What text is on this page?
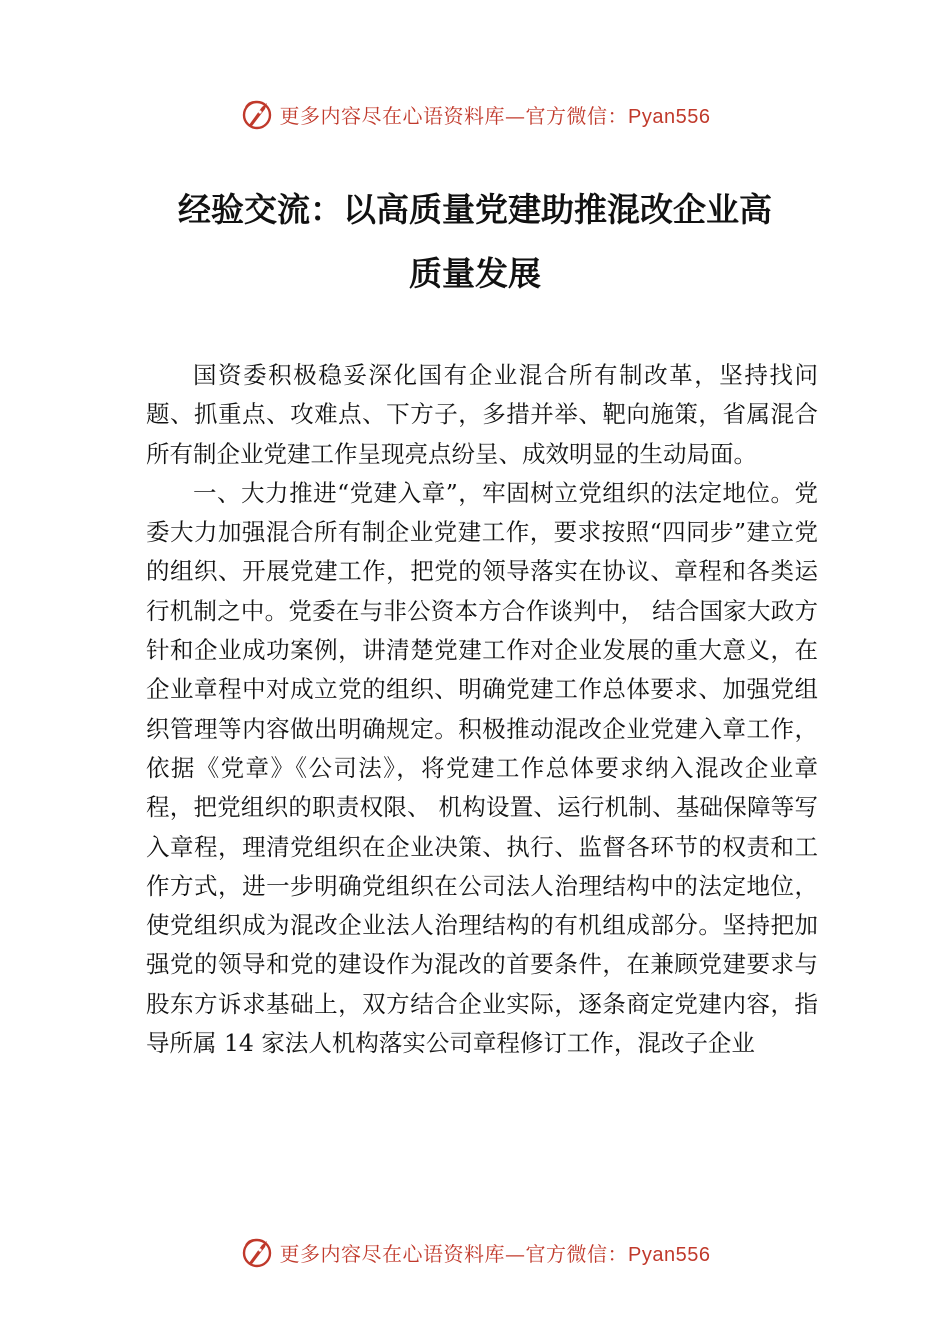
更多内容尽在心语资料库—官方微信：Pyan556
经验交流：以高质量党建助推混改企业高
质量发展

国资委积极稳妥深化国有企业混合所有制改革，坚持找问题、抓重点、攻难点、下方子，多措并举、靶向施策，省属混合所有制企业党建工作呈现亮点纷呈、成效明显的生动局面。

一、大力推进“党建入章”，牢固树立党组织的法定地位。党委大力加强混合所有制企业党建工作，要求按照“四同步”建立党的组织、开展党建工作，把党的领导落实在协议、章程和各类运行机制之中。党委在与非公资本方合作谈判中， 结合国家大政方针和企业成功案例，讲清楚党建工作对企业发展的重大意义，在企业章程中对成立党的组织、明确党建工作总体要求、加强党组织管理等内容做出明确规定。积极推动混改企业党建入章工作，依据《党章》《公司法》，将党建工作总体要求纳入混改企业章程，把党组织的职责权限、 机构设置、运行机制、基础保障等写入章程，理清党组织在企业决策、执行、监督各环节的权责和工作方式，进一步明确党组织在公司法人治理结构中的法定地位，使党组织成为混改企业法人治理结构的有机组成部分。坚持把加强党的领导和党的建设作为混改的首要条件，在兼顾党建要求与股东方诉求基础上，双方结合企业实际，逐条商定党建内容，指导所属 14 家法人机构落实公司章程修订工作，混改子企业

更多内容尽在心语资料库—官方微信：Pyan556
